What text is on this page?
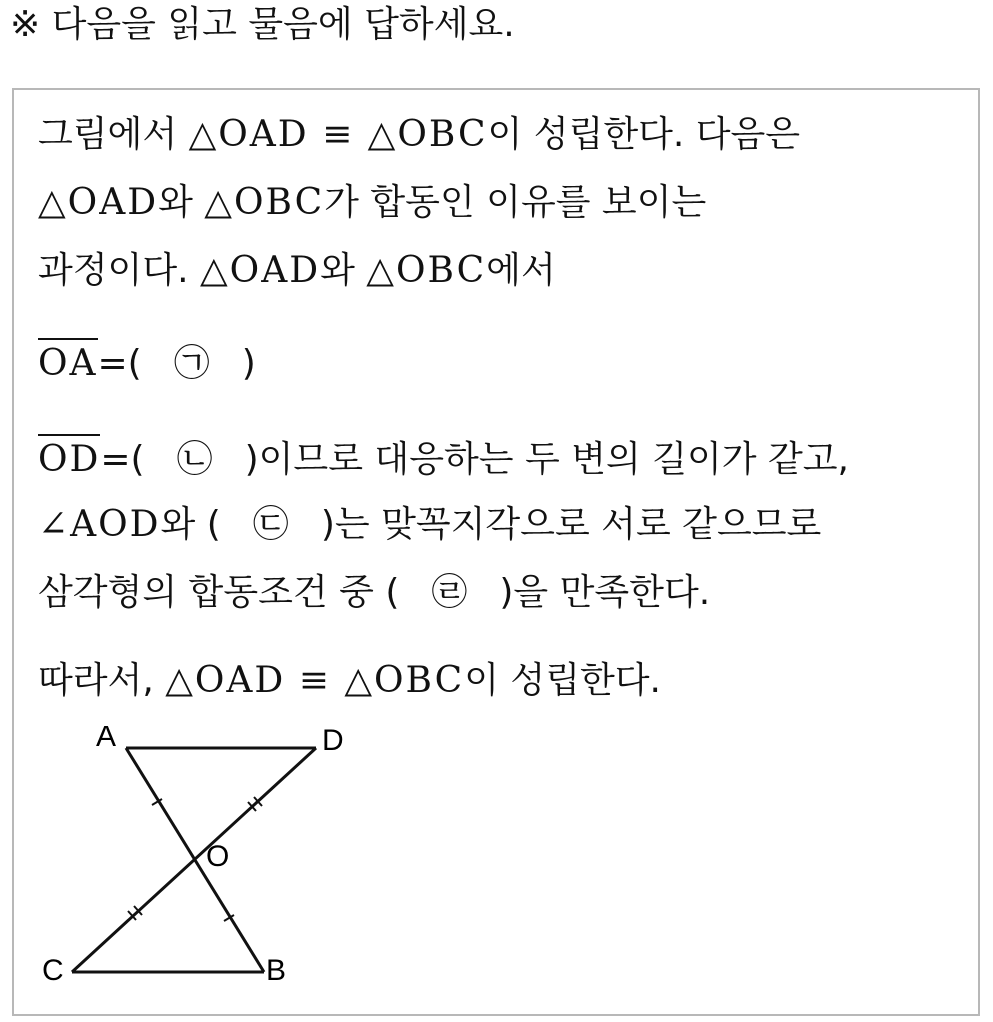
※ 다음을 읽고 물음에 답하세요.
그림에서 △OAD ≡ △OBC이 성립한다. 다음은
△OAD와 △OBC가 합동인 이유를 보이는
과정이다. △OAD와 △OBC에서
OA=( ㉠ )
OD=( ㉡ )이므로 대응하는 두 변의 길이가 같고,
∠AOD와 ( ㉢ )는 맞꼭지각으로 서로 같으므로
삼각형의 합동조건 중 ( ㉣ )을 만족한다.
따라서, △OAD ≡ △OBC이 성립한다.
A	D
O
C	B
